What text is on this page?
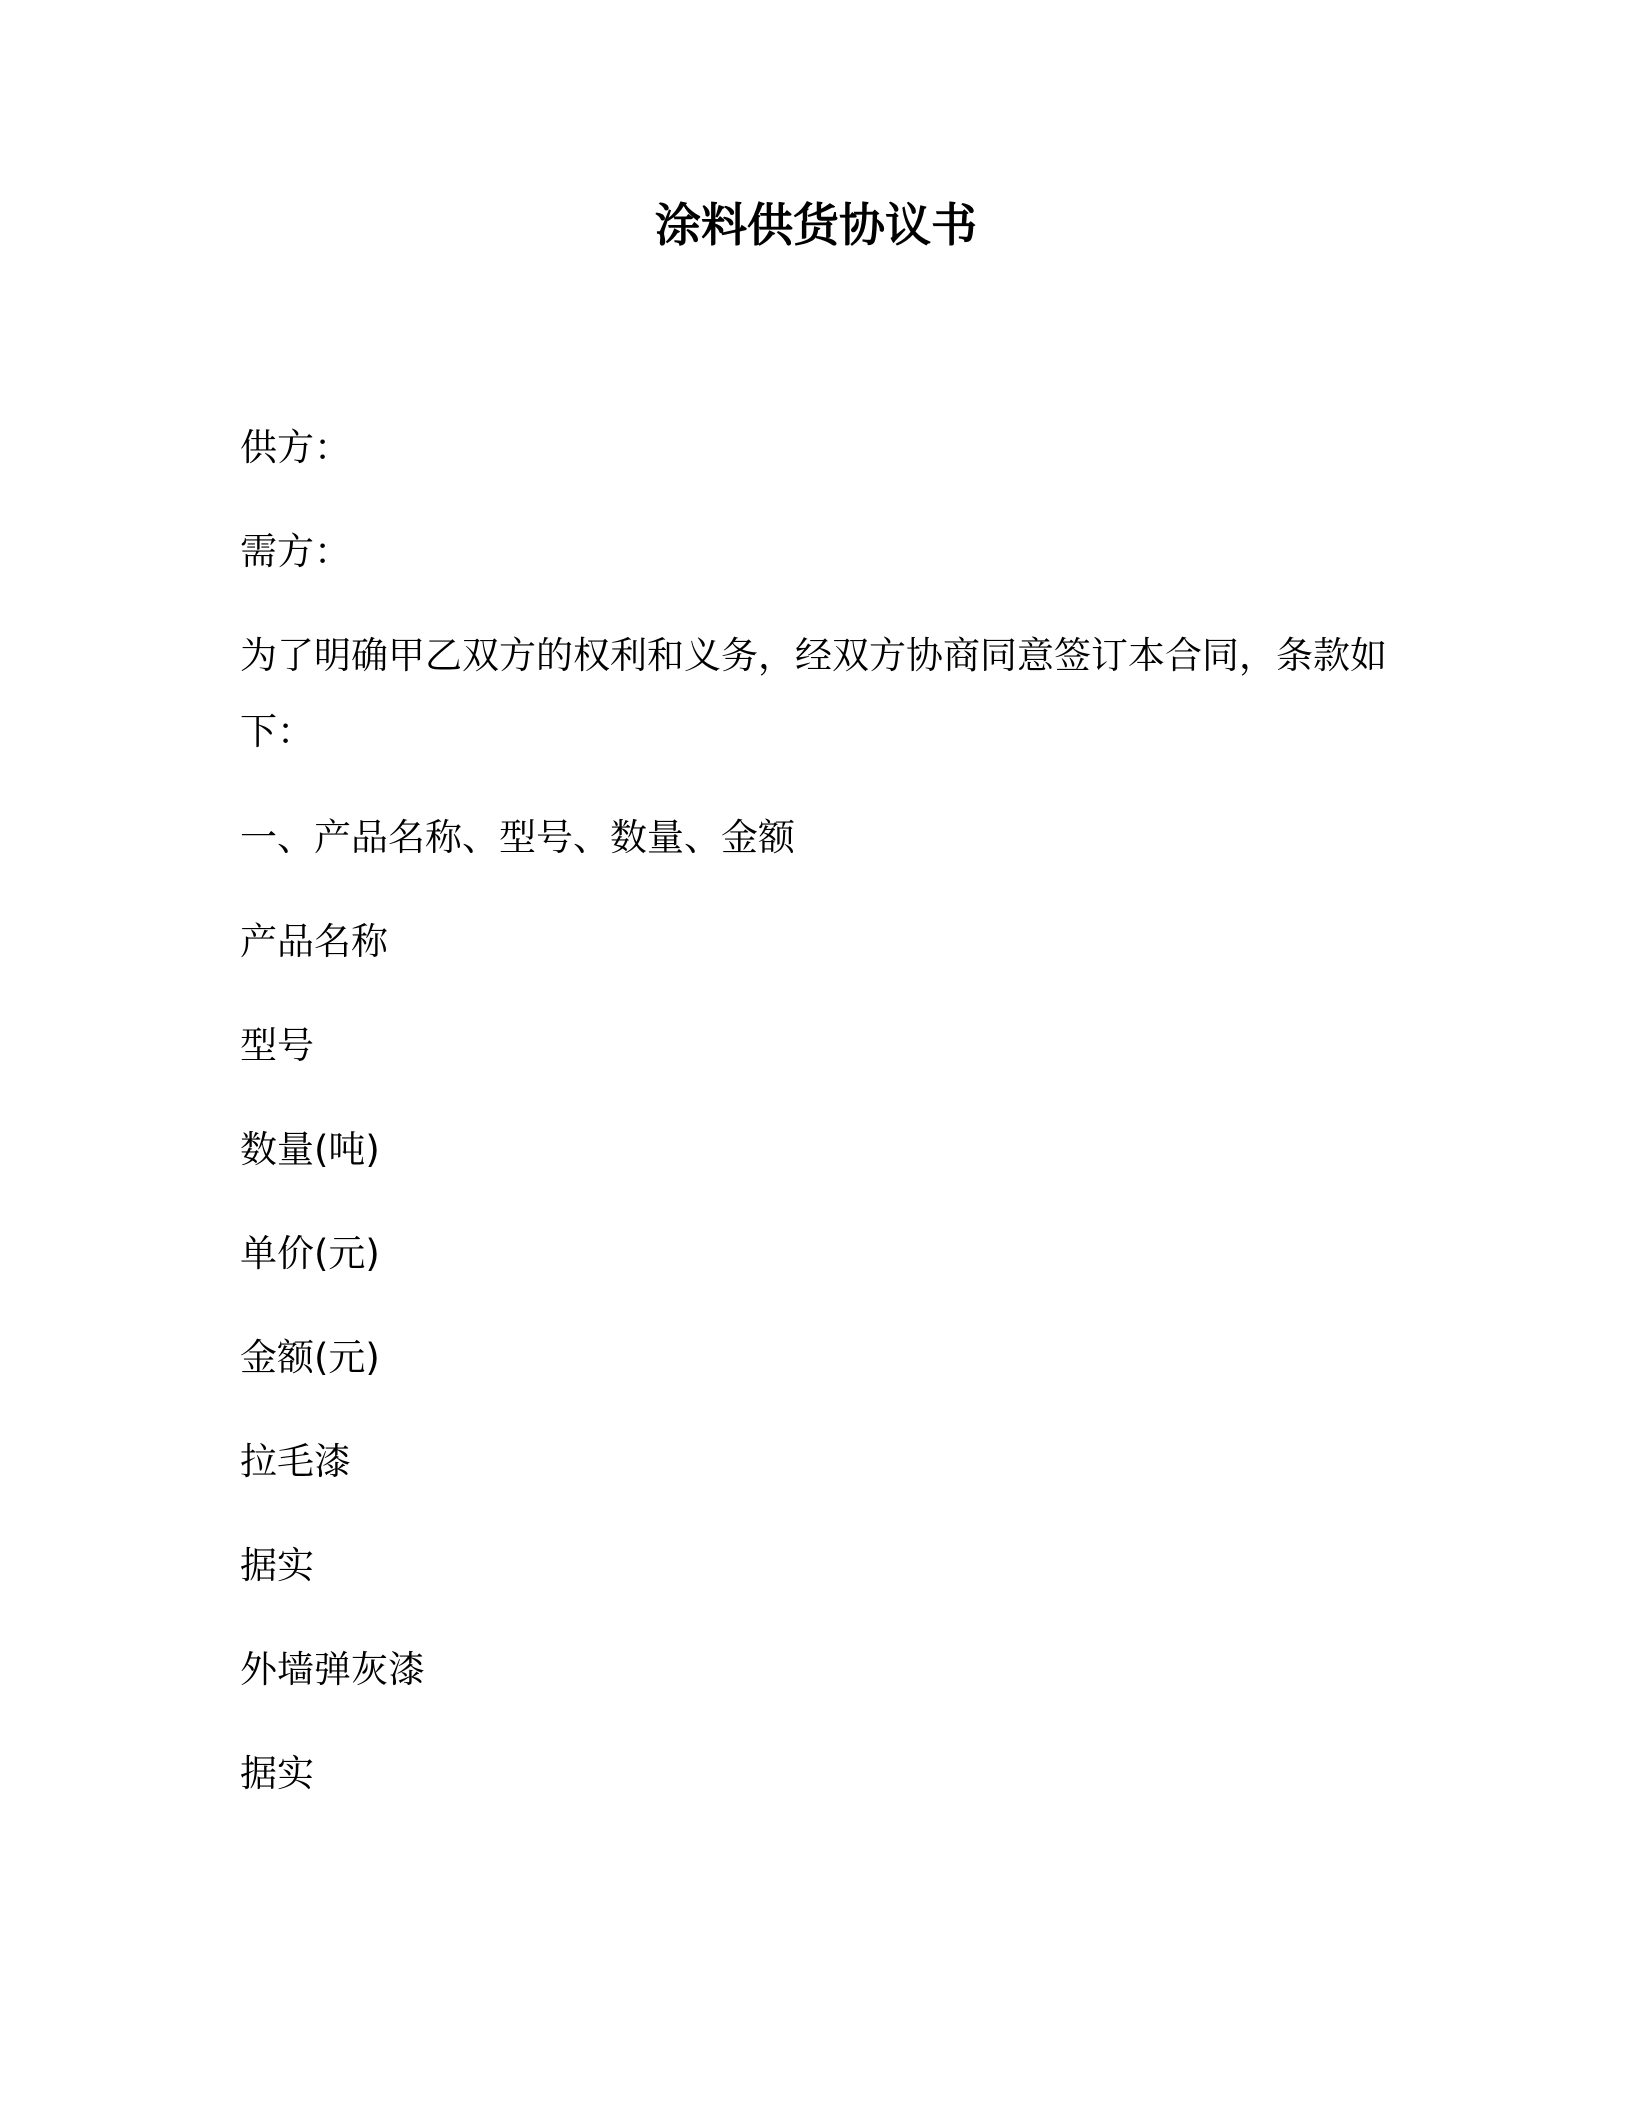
涂料供货协议书

供方：

需方：

为了明确甲乙双方的权利和义务，经双方协商同意签订本合同，条款如下：

一、产品名称、型号、数量、金额

产品名称

型号

数量(吨)

单价(元)

金额(元)

拉毛漆

据实

外墙弹灰漆

据实
